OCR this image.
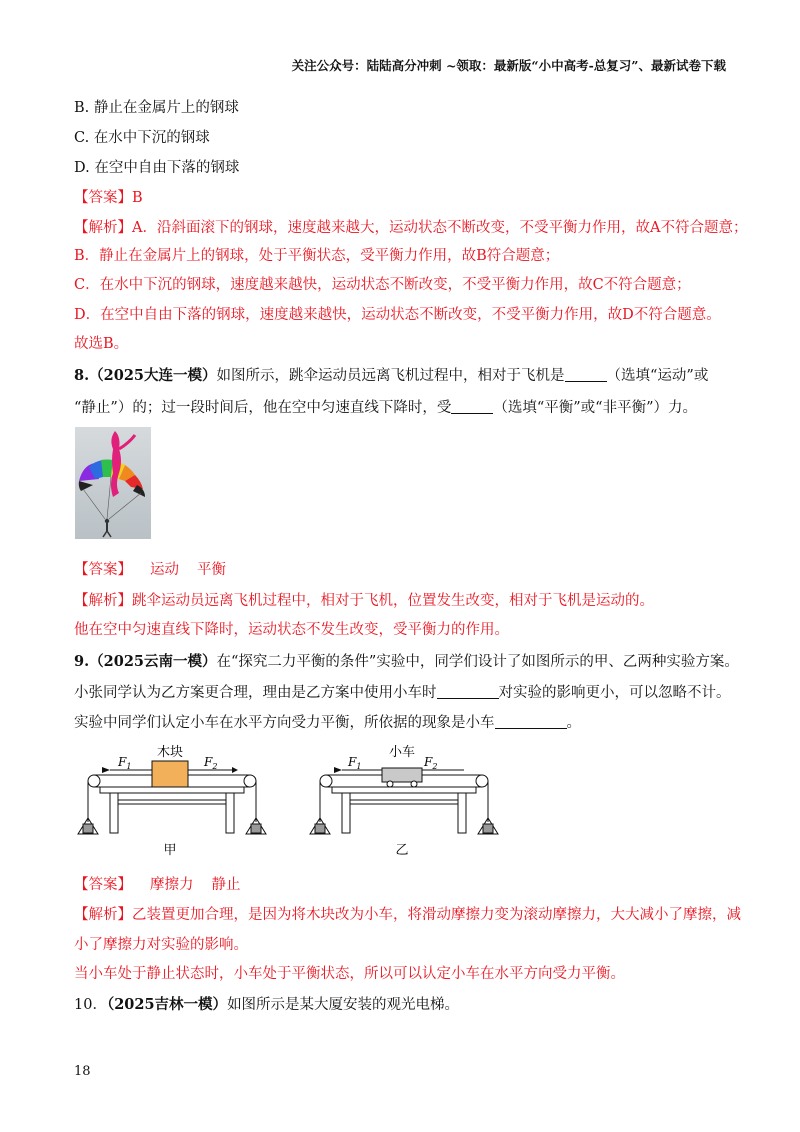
关注公众号：陆陆高分冲刺 ~领取：最新版“小中高考-总复习”、最新试卷下载
B. 静止在金属片上的钢球
C. 在水中下沉的钢球
D. 在空中自由下落的钢球
【答案】B
【解析】A．沿斜面滚下的钢球，速度越来越大，运动状态不断改变，不受平衡力作用，故A不符合题意；
B．静止在金属片上的钢球，处于平衡状态，受平衡力作用，故B符合题意；
C．在水中下沉的钢球，速度越来越快，运动状态不断改变，不受平衡力作用，故C不符合题意；
D．在空中自由下落的钢球，速度越来越快，运动状态不断改变，不受平衡力作用，故D不符合题意。
故选B。
8.（2025大连一模）如图所示，跳伞运动员远离飞机过程中，相对于飞机是	（选填“运动”或
“静止”）的；过一段时间后，他在空中匀速直线下降时，受	（选填“平衡”或“非平衡”）力。
【答案】 运动 平衡
【解析】跳伞运动员远离飞机过程中，相对于飞机，位置发生改变，相对于飞机是运动的。
他在空中匀速直线下降时，运动状态不发生改变，受平衡力的作用。
9.（2025云南一模）在“探究二力平衡的条件”实验中，同学们设计了如图所示的甲、乙两种实验方案。
小张同学认为乙方案更合理，理由是乙方案中使用小车时	对实验的影响更小，可以忽略不计。
实验中同学们认定小车在水平方向受力平衡，所依据的现象是小车	。
木块
$F_1$	$F_2$
甲
小车
$F_1$	$F_2$
乙
【答案】 摩擦力 静止
【解析】乙装置更加合理，是因为将木块改为小车，将滑动摩擦力变为滚动摩擦力，大大减小了摩擦，减
小了摩擦力对实验的影响。
当小车处于静止状态时，小车处于平衡状态，所以可以认定小车在水平方向受力平衡。
10．（2025吉林一模）如图所示是某大厦安装的观光电梯。
18
